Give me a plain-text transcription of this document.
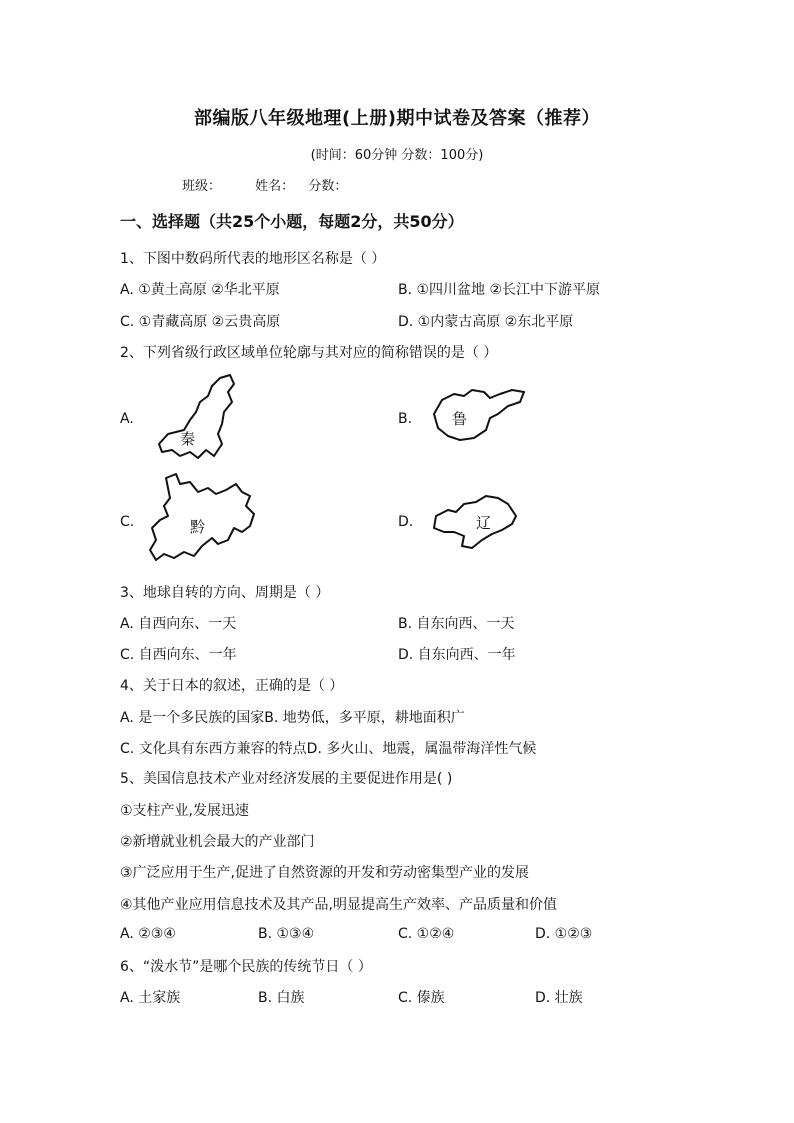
部编版八年级地理(上册)期中试卷及答案（推荐）
(时间：60分钟 分数：100分)
班级：	姓名： 分数：
一、选择题（共25个小题，每题2分，共50分）
1、下图中数码所代表的地形区名称是（ ）
A. ①黄土高原 ②华北平原	B. ①四川盆地 ②长江中下游平原
C. ①青藏高原 ②云贵高原	D. ①内蒙古高原 ②东北平原
2、下列省级行政区域单位轮廓与其对应的简称错误的是（ ）
A.
秦
B.	鲁
C.	黔	D.	辽
3、地球自转的方向、周期是（ ）
A. 自西向东、一天	B. 自东向西、一天
C. 自西向东、一年	D. 自东向西、一年
4、关于日本的叙述，正确的是（ ）
A. 是一个多民族的国家B. 地势低，多平原，耕地面积广
C. 文化具有东西方兼容的特点D. 多火山、地震，属温带海洋性气候
5、美国信息技术产业对经济发展的主要促进作用是( )
①支柱产业,发展迅速
②新增就业机会最大的产业部门
③广泛应用于生产,促进了自然资源的开发和劳动密集型产业的发展
④其他产业应用信息技术及其产品,明显提高生产效率、产品质量和价值
A. ②③④	B. ①③④	C. ①②④	D. ①②③
6、“泼水节”是哪个民族的传统节日（ ）
A. 土家族	B. 白族	C. 傣族	D. 壮族
